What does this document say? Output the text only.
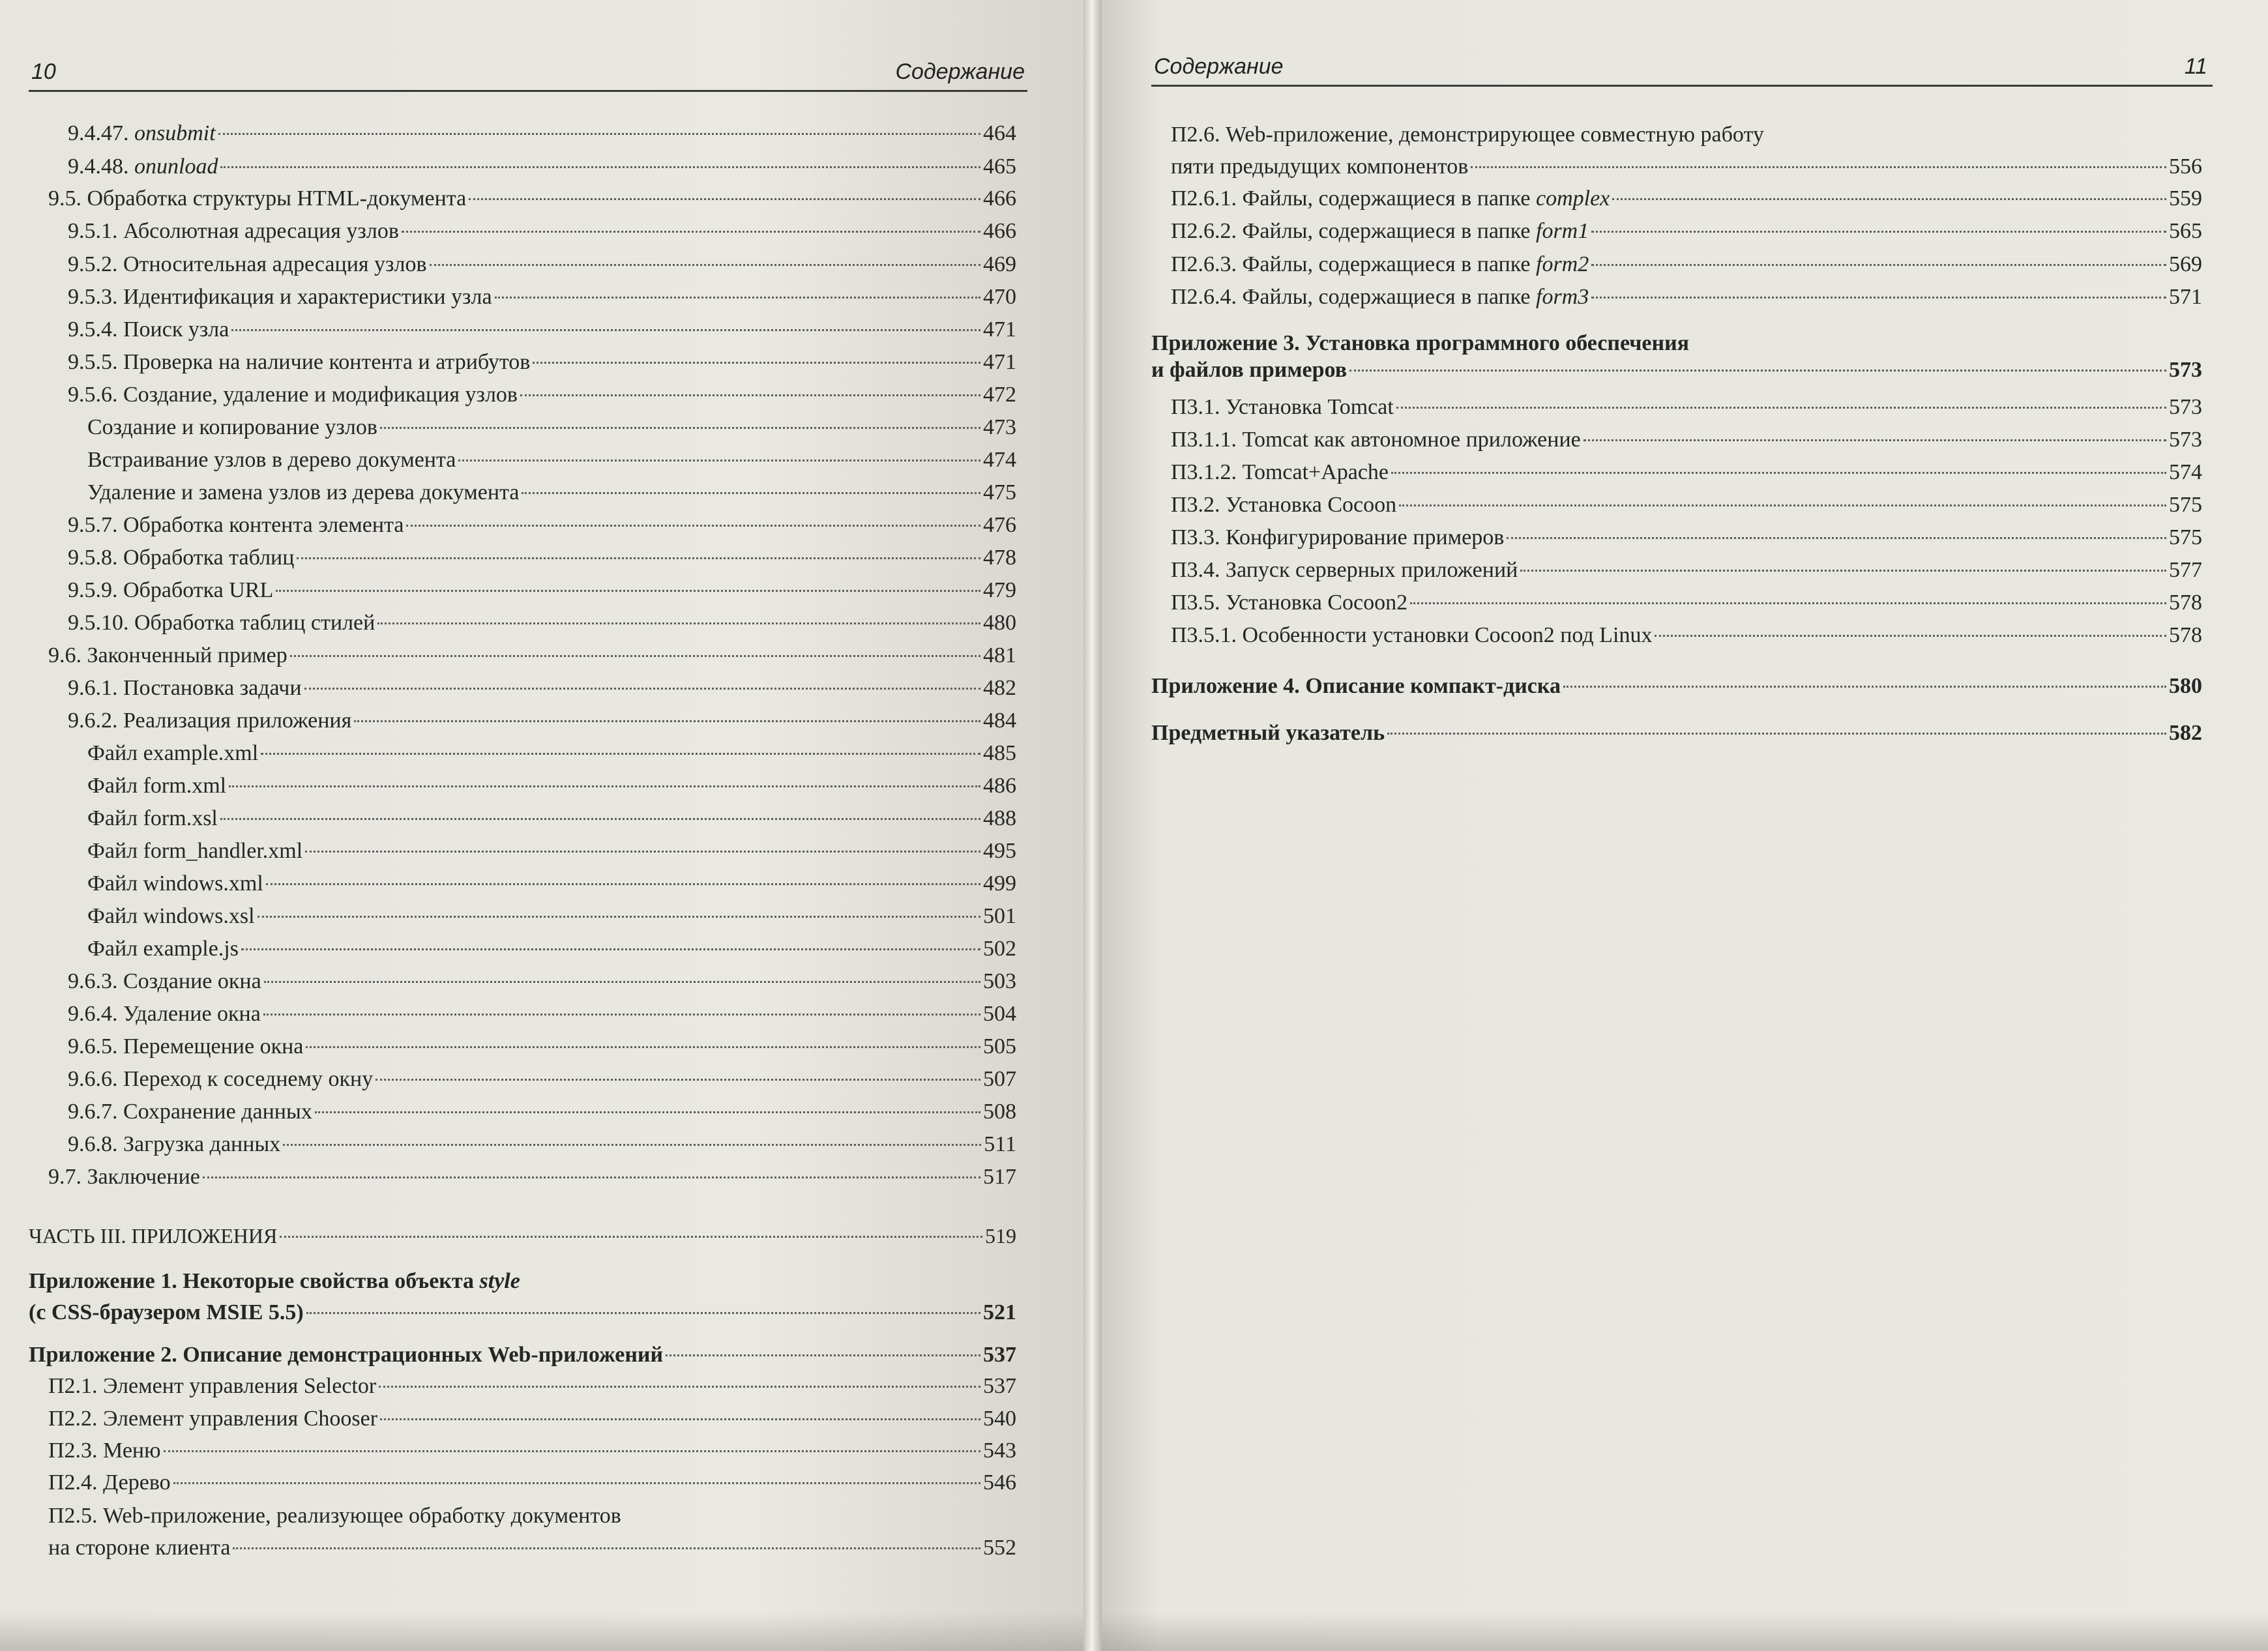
10	Содержание
9.4.47. onsubmit	464
9.4.48. onunload	465
9.5. Обработка структуры HTML-документа	466
9.5.1. Абсолютная адресация узлов	466
9.5.2. Относительная адресация узлов	469
9.5.3. Идентификация и характеристики узла	470
9.5.4. Поиск узла	471
9.5.5. Проверка на наличие контента и атрибутов	471
9.5.6. Создание, удаление и модификация узлов	472
Создание и копирование узлов	473
Встраивание узлов в дерево документа	474
Удаление и замена узлов из дерева документа	475
9.5.7. Обработка контента элемента	476
9.5.8. Обработка таблиц	478
9.5.9. Обработка URL	479
9.5.10. Обработка таблиц стилей	480
9.6. Законченный пример	481
9.6.1. Постановка задачи	482
9.6.2. Реализация приложения	484
Файл example.xml	485
Файл form.xml	486
Файл form.xsl	488
Файл form_handler.xml	495
Файл windows.xml	499
Файл windows.xsl	501
Файл example.js	502
9.6.3. Создание окна	503
9.6.4. Удаление окна	504
9.6.5. Перемещение окна	505
9.6.6. Переход к соседнему окну	507
9.6.7. Сохранение данных	508
9.6.8. Загрузка данных	511
9.7. Заключение	517
ЧАСТЬ III. ПРИЛОЖЕНИЯ	519
Приложение 1. Некоторые свойства объекта style
(с CSS-браузером MSIE 5.5)	521
Приложение 2. Описание демонстрационных Web-приложений	537
П2.1. Элемент управления Selector	537
П2.2. Элемент управления Chooser	540
П2.3. Меню	543
П2.4. Дерево	546
П2.5. Web-приложение, реализующее обработку документов
на стороне клиента	552
Содержание	11
П2.6. Web-приложение, демонстрирующее совместную работу
пяти предыдущих компонентов	556
П2.6.1. Файлы, содержащиеся в папке complex	559
П2.6.2. Файлы, содержащиеся в папке form1	565
П2.6.3. Файлы, содержащиеся в папке form2	569
П2.6.4. Файлы, содержащиеся в папке form3	571
Приложение 3. Установка программного обеспечения
и файлов примеров	573
П3.1. Установка Tomcat	573
П3.1.1. Tomcat как автономное приложение	573
П3.1.2. Tomcat+Apache	574
П3.2. Установка Cocoon	575
П3.3. Конфигурирование примеров	575
П3.4. Запуск серверных приложений	577
П3.5. Установка Cocoon2	578
П3.5.1. Особенности установки Cocoon2 под Linux	578
Приложение 4. Описание компакт-диска	580
Предметный указатель	582
